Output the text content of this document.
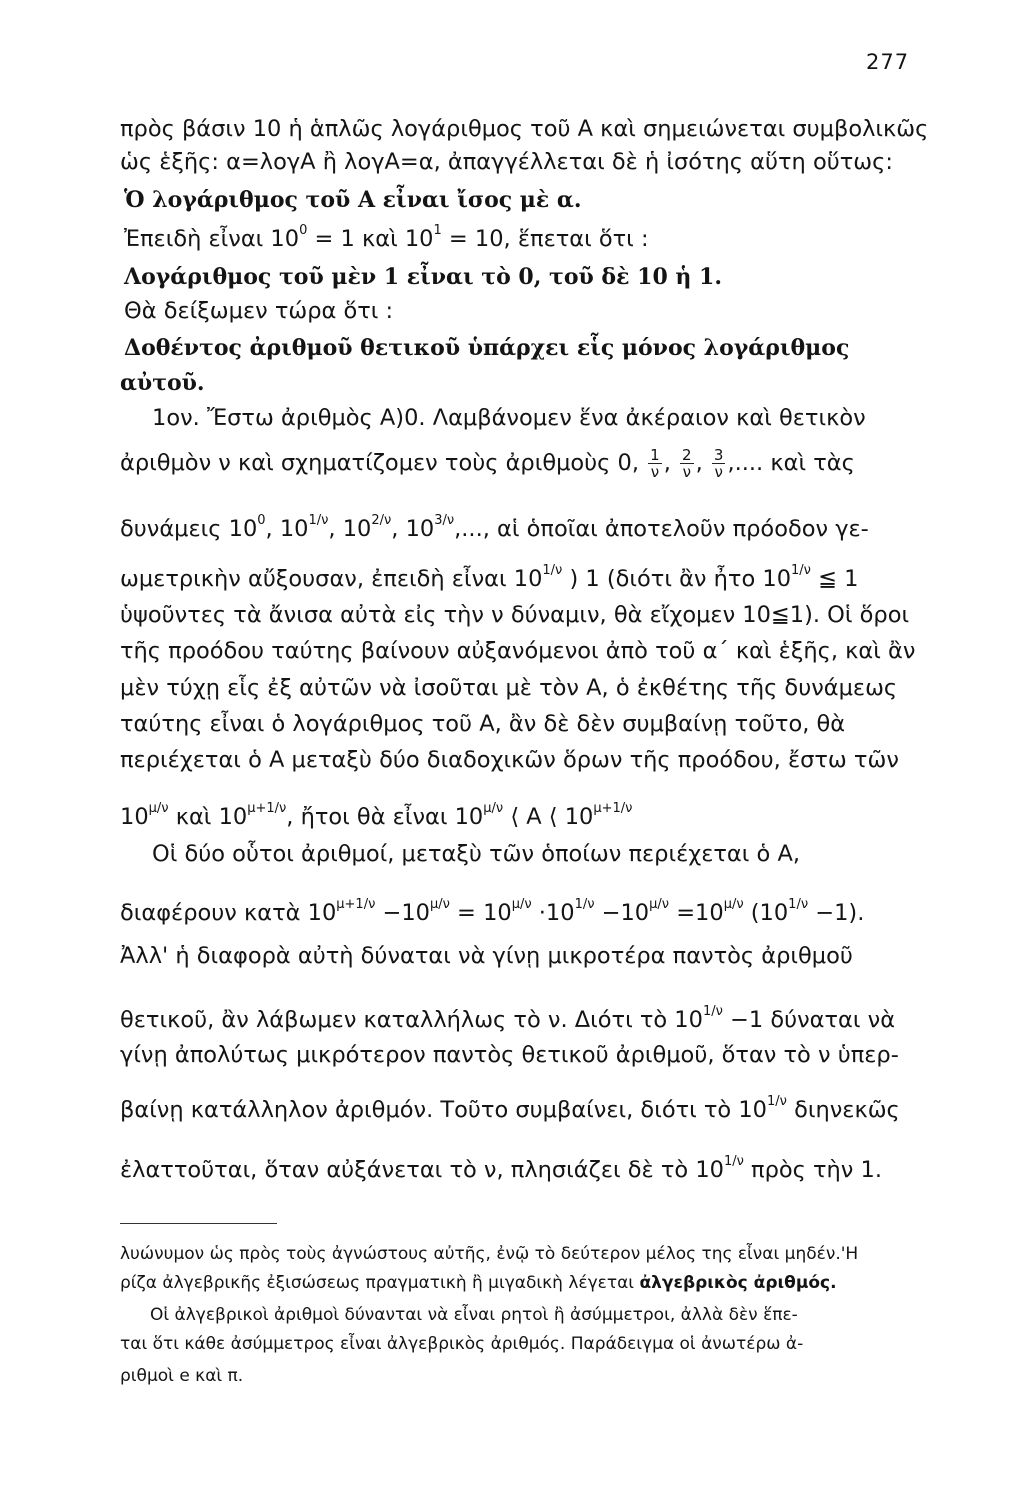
277
πρὸς βάσιν 10 ἡ ἁπλῶς λογάριθμος τοῦ Α καὶ σημειώνεται συμβολικῶς
ὡς ἑξῆς: α=λογΑ ἢ λογΑ=α, ἀπαγγέλλεται δὲ ἡ ἰσότης αὕτη οὕτως:
Ὁ λογάριθμος τοῦ Α εἶναι ἴσος μὲ α.
Ἐπειδὴ εἶναι $10^0 = 1$ καὶ $10^1 = 10$, ἕπεται ὅτι :
Λογάριθμος τοῦ μὲν 1 εἶναι τὸ 0, τοῦ δὲ 10 ἡ 1.
Θὰ δείξωμεν τώρα ὅτι :
Δοθέντος ἀριθμοῦ θετικοῦ ὑπάρχει εἷς μόνος λογάριθμος
αὐτοῦ.
1ον. Ἔστω ἀριθμὸς Α)0. Λαμβάνομεν ἕνα ἀκέραιον καὶ θετικὸν
ἀριθμὸν ν καὶ σχηματίζομεν τοὺς ἀριθμοὺς 0, $\frac{1}{\nu}$ , $\frac{2}{\nu}$ , $\frac{3}{\nu}$ ,.... καὶ τὰς
δυνάμεις $10^0$, $10^{1/\nu}$, $10^{2/\nu}$, $10^{3/\nu}$,..., αἱ ὁποῖαι ἀποτελοῦν πρόοδον γε-
ωμετρικὴν αὔξουσαν, ἐπειδὴ εἶναι $10^{1/\nu}$ ) 1 (διότι ἂν ἦτο $10^{1/\nu}$ ≦ 1
ὑψοῦντες τὰ ἄνισα αὐτὰ εἰς τὴν ν δύναμιν, θὰ εἴχομεν 10≦1). Οἱ ὅροι
τῆς προόδου ταύτης βαίνουν αὐξανόμενοι ἀπὸ τοῦ α΄ καὶ ἑξῆς, καὶ ἂν
μὲν τύχῃ εἷς ἐξ αὐτῶν νὰ ἰσοῦται μὲ τὸν Α, ὁ ἐκθέτης τῆς δυνάμεως
ταύτης εἶναι ὁ λογάριθμος τοῦ Α, ἂν δὲ δὲν συμβαίνῃ τοῦτο, θὰ
περιέχεται ὁ Α μεταξὺ δύο διαδοχικῶν ὅρων τῆς προόδου, ἔστω τῶν
$10^{\mu/\nu}$ καὶ $10^{\mu+1/\nu}$, ἤτοι θὰ εἶναι $10^{\mu/\nu}$ ⟨ Α ⟨ $10^{\mu+1/\nu}$
Οἱ δύο οὗτοι ἀριθμοί, μεταξὺ τῶν ὁποίων περιέχεται ὁ Α,
διαφέρουν κατὰ $10^{\mu+1/\nu} -10^{\mu/\nu} = 10^{\mu/\nu} \cdot 10^{1/\nu} -10^{\mu/\nu} =10^{\mu/\nu}$ $(10^{1/\nu} -1)$.
Ἀλλ' ἡ διαφορὰ αὐτὴ δύναται νὰ γίνῃ μικροτέρα παντὸς ἀριθμοῦ
θετικοῦ, ἂν λάβωμεν καταλλήλως τὸ ν. Διότι τὸ $10^{1/\nu} -1$ δύναται νὰ
γίνῃ ἀπολύτως μικρότερον παντὸς θετικοῦ ἀριθμοῦ, ὅταν τὸ ν ὑπερ-
βαίνῃ κατάλληλον ἀριθμόν. Τοῦτο συμβαίνει, διότι τὸ $10^{1/\nu}$ διηνεκῶς
ἐλαττοῦται, ὅταν αὐξάνεται τὸ ν, πλησιάζει δὲ τὸ $10^{1/\nu}$ πρὸς τὴν 1.
λυώνυμον ὡς πρὸς τοὺς ἀγνώστους αὐτῆς, ἐνῷ τὸ δεύτερον μέλος της εἶναι μηδέν.'Η
ρίζα ἀλγεβρικῆς ἐξισώσεως πραγματικὴ ἢ μιγαδικὴ λέγεται ἀλγεβρικὸς ἀριθμός.
Οἱ ἀλγεβρικοὶ ἀριθμοὶ δύνανται νὰ εἶναι ρητοὶ ἢ ἀσύμμετροι, ἀλλὰ δὲν ἕπε-
ται ὅτι κάθε ἀσύμμετρος εἶναι ἀλγεβρικὸς ἀριθμός. Παράδειγμα οἱ ἀνωτέρω ἀ-
ριθμοὶ e καὶ π.
